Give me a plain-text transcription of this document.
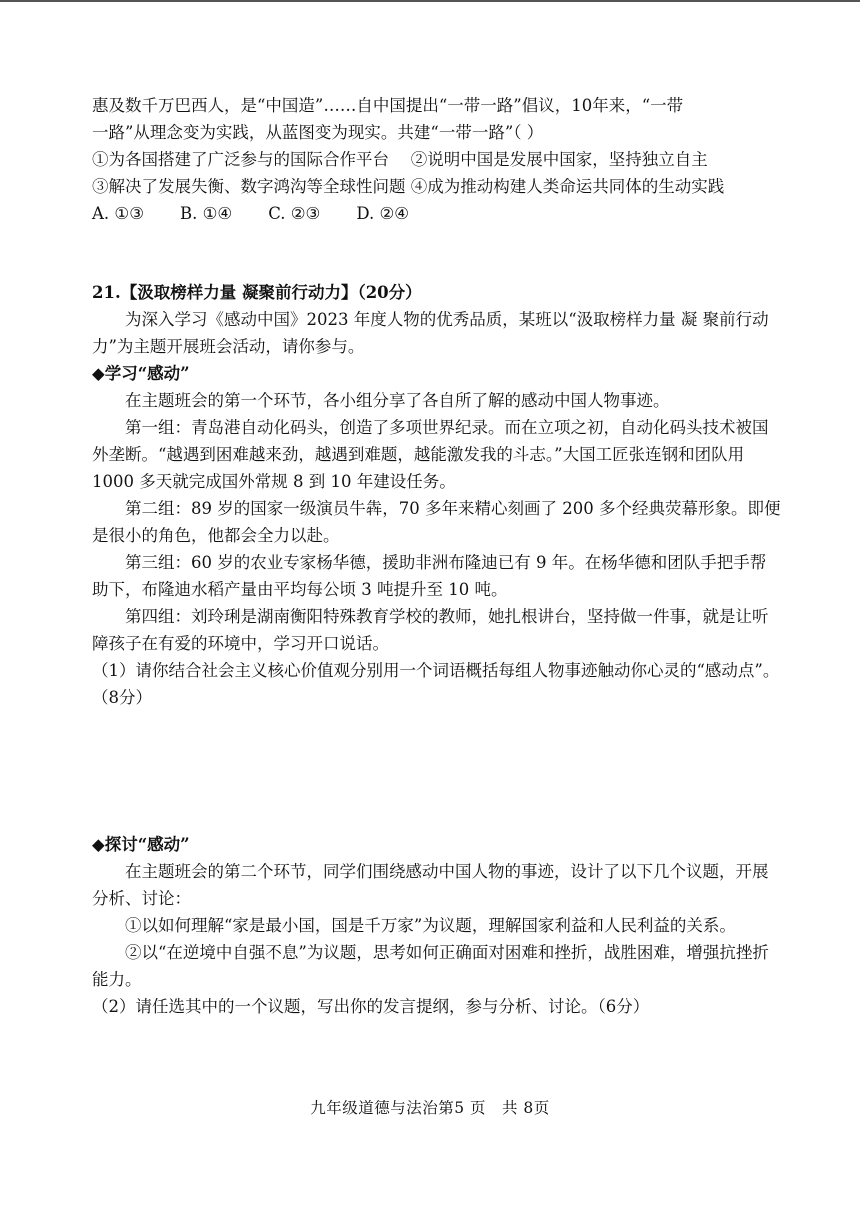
惠及数千万巴西人，是“中国造”……自中国提出“一带一路”倡议，10年来，“一带

一路”从理念变为实践，从蓝图变为现实。共建“一带一路”（ ）

①为各国搭建了广泛参与的国际合作平台　 ②说明中国是发展中国家，坚持独立自主

③解决了发展失衡、数字鸿沟等全球性问题 ④成为推动构建人类命运共同体的生动实践

A. ①③ B. ①④ C. ②③ D. ②④

21.【汲取榜样力量 凝聚前行动力】（20分）

为深入学习《感动中国》2023 年度人物的优秀品质，某班以“汲取榜样力量 凝 聚前行动力”为主题开展班会活动，请你参与。

◆学习“感动”

在主题班会的第一个环节，各小组分享了各自所了解的感动中国人物事迹。

第一组：青岛港自动化码头，创造了多项世界纪录。而在立项之初，自动化码头技术被国外垄断。“越遇到困难越来劲，越遇到难题，越能激发我的斗志。”大国工匠张连钢和团队用 1000 多天就完成国外常规 8 到 10 年建设任务。

第二组：89 岁的国家一级演员牛犇，70 多年来精心刻画了 200 多个经典荧幕形象。即便是很小的角色，他都会全力以赴。

第三组：60 岁的农业专家杨华德，援助非洲布隆迪已有 9 年。在杨华德和团队手把手帮助下，布隆迪水稻产量由平均每公顷 3 吨提升至 10 吨。

第四组：刘玲琍是湖南衡阳特殊教育学校的教师，她扎根讲台，坚持做一件事，就是让听障孩子在有爱的环境中，学习开口说话。

（1）请你结合社会主义核心价值观分别用一个词语概括每组人物事迹触动你心灵的“感动点”。（8分）

◆探讨“感动”

在主题班会的第二个环节，同学们围绕感动中国人物的事迹，设计了以下几个议题，开展分析、讨论：

①以如何理解“家是最小国，国是千万家”为议题，理解国家利益和人民利益的关系。

②以“在逆境中自强不息”为议题，思考如何正确面对困难和挫折，战胜困难，增强抗挫折能力。

（2）请任选其中的一个议题，写出你的发言提纲，参与分析、讨论。（6分）

九年级道德与法治第5 页　共 8页
